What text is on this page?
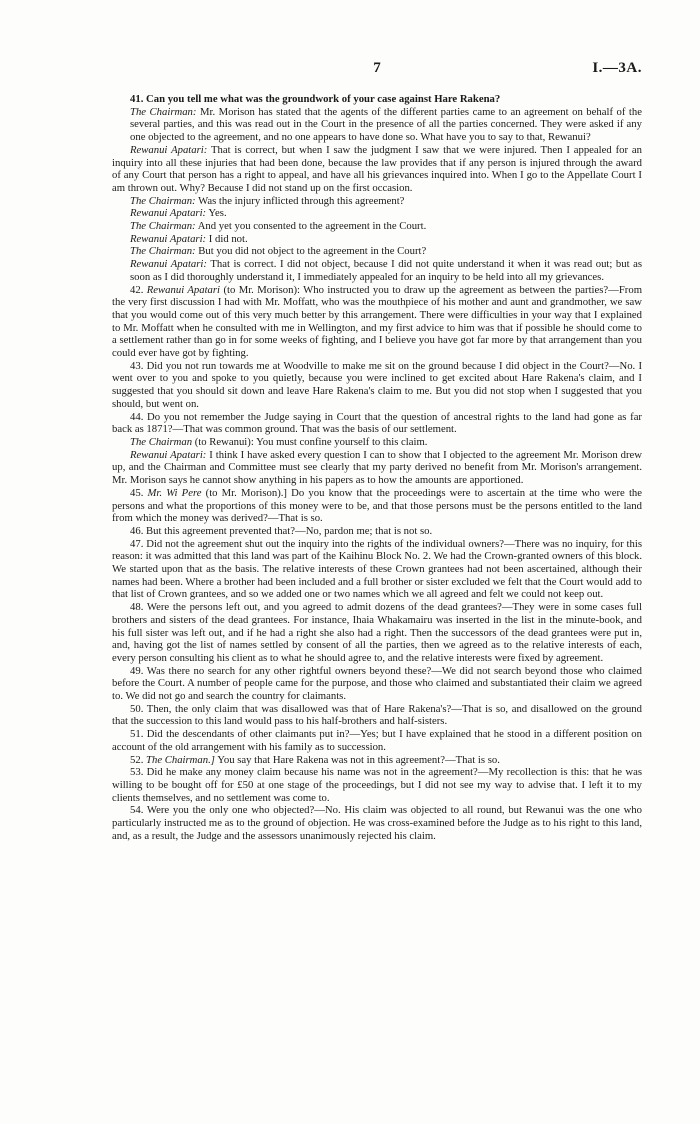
7	I.—3A.

41. Can you tell me what was the groundwork of your case against Hare Rakena?

The Chairman: Mr. Morison has stated that the agents of the different parties came to an agreement on behalf of the several parties, and this was read out in the Court in the presence of all the parties concerned. They were asked if any one objected to the agreement, and no one appears to have done so. What have you to say to that, Rewanui?

Rewanui Apatari: That is correct, but when I saw the judgment I saw that we were injured. Then I appealed for an inquiry into all these injuries that had been done, because the law provides that if any person is injured through the award of any Court that person has a right to appeal, and have all his grievances inquired into. When I go to the Appellate Court I am thrown out. Why? Because I did not stand up on the first occasion.

The Chairman: Was the injury inflicted through this agreement?

Rewanui Apatari: Yes.

The Chairman: And yet you consented to the agreement in the Court.

Rewanui Apatari: I did not.

The Chairman: But you did not object to the agreement in the Court?

Rewanui Apatari: That is correct. I did not object, because I did not quite understand it when it was read out; but as soon as I did thoroughly understand it, I immediately appealed for an inquiry to be held into all my grievances.

42. Rewanui Apatari (to Mr. Morison): Who instructed you to draw up the agreement as between the parties?—From the very first discussion I had with Mr. Moffatt, who was the mouthpiece of his mother and aunt and grandmother, we saw that you would come out of this very much better by this arrangement. There were difficulties in your way that I explained to Mr. Moffatt when he consulted with me in Wellington, and my first advice to him was that if possible he should come to a settlement rather than go in for some weeks of fighting, and I believe you have got far more by that arrangement than you could ever have got by fighting.

43. Did you not run towards me at Woodville to make me sit on the ground because I did object in the Court?—No. I went over to you and spoke to you quietly, because you were inclined to get excited about Hare Rakena's claim, and I suggested that you should sit down and leave Hare Rakena's claim to me. But you did not stop when I suggested that you should, but went on.

44. Do you not remember the Judge saying in Court that the question of ancestral rights to the land had gone as far back as 1871?—That was common ground. That was the basis of our settlement.

The Chairman (to Rewanui): You must confine yourself to this claim.

Rewanui Apatari: I think I have asked every question I can to show that I objected to the agreement Mr. Morison drew up, and the Chairman and Committee must see clearly that my party derived no benefit from Mr. Morison's arrangement. Mr. Morison says he cannot show anything in his papers as to how the amounts are apportioned.

45. Mr. Wi Pere (to Mr. Morison).] Do you know that the proceedings were to ascertain at the time who were the persons and what the proportions of this money were to be, and that those persons must be the persons entitled to the land from which the money was derived?—That is so.

46. But this agreement prevented that?—No, pardon me; that is not so.

47. Did not the agreement shut out the inquiry into the rights of the individual owners?—There was no inquiry, for this reason: it was admitted that this land was part of the Kaihinu Block No. 2. We had the Crown-granted owners of this block. We started upon that as the basis. The relative interests of these Crown grantees had not been ascertained, although their names had been. Where a brother had been included and a full brother or sister excluded we felt that the Court would add to that list of Crown grantees, and so we added one or two names which we all agreed and felt we could not keep out.

48. Were the persons left out, and you agreed to admit dozens of the dead grantees?—They were in some cases full brothers and sisters of the dead grantees. For instance, Ihaia Whakamairu was inserted in the list in the minute-book, and his full sister was left out, and if he had a right she also had a right. Then the successors of the dead grantees were put in, and, having got the list of names settled by consent of all the parties, then we agreed as to the relative interests of each, every person consulting his client as to what he should agree to, and the relative interests were fixed by agreement.

49. Was there no search for any other rightful owners beyond these?—We did not search beyond those who claimed before the Court. A number of people came for the purpose, and those who claimed and substantiated their claim we agreed to. We did not go and search the country for claimants.

50. Then, the only claim that was disallowed was that of Hare Rakena's?—That is so, and disallowed on the ground that the succession to this land would pass to his half-brothers and half-sisters.

51. Did the descendants of other claimants put in?—Yes; but I have explained that he stood in a different position on account of the old arrangement with his family as to succession.

52. The Chairman.] You say that Hare Rakena was not in this agreement?—That is so.

53. Did he make any money claim because his name was not in the agreement?—My recollection is this: that he was willing to be bought off for £50 at one stage of the proceedings, but I did not see my way to advise that. I left it to my clients themselves, and no settlement was come to.

54. Were you the only one who objected?—No. His claim was objected to all round, but Rewanui was the one who particularly instructed me as to the ground of objection. He was cross-examined before the Judge as to his right to this land, and, as a result, the Judge and the assessors unanimously rejected his claim.
